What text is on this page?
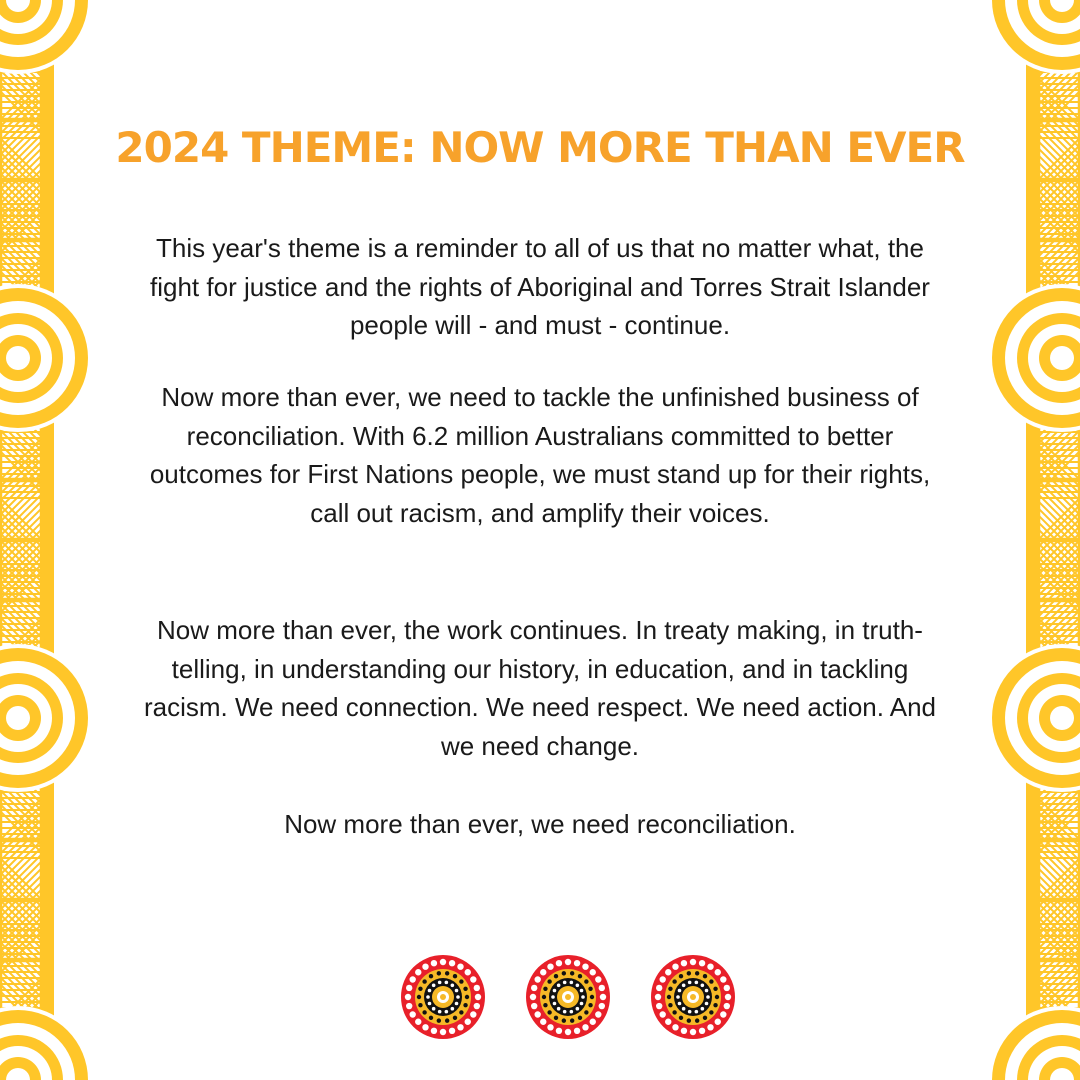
2024 THEME: NOW MORE THAN EVER

This year's theme is a reminder to all of us that no matter what, the fight for justice and the rights of Aboriginal and Torres Strait Islander people will - and must - continue.

Now more than ever, we need to tackle the unfinished business of reconciliation. With 6.2 million Australians committed to better outcomes for First Nations people, we must stand up for their rights, call out racism, and amplify their voices.

Now more than ever, the work continues. In treaty making, in truth-telling, in understanding our history, in education, and in tackling racism. We need connection. We need respect. We need action. And we need change.

Now more than ever, we need reconciliation.
